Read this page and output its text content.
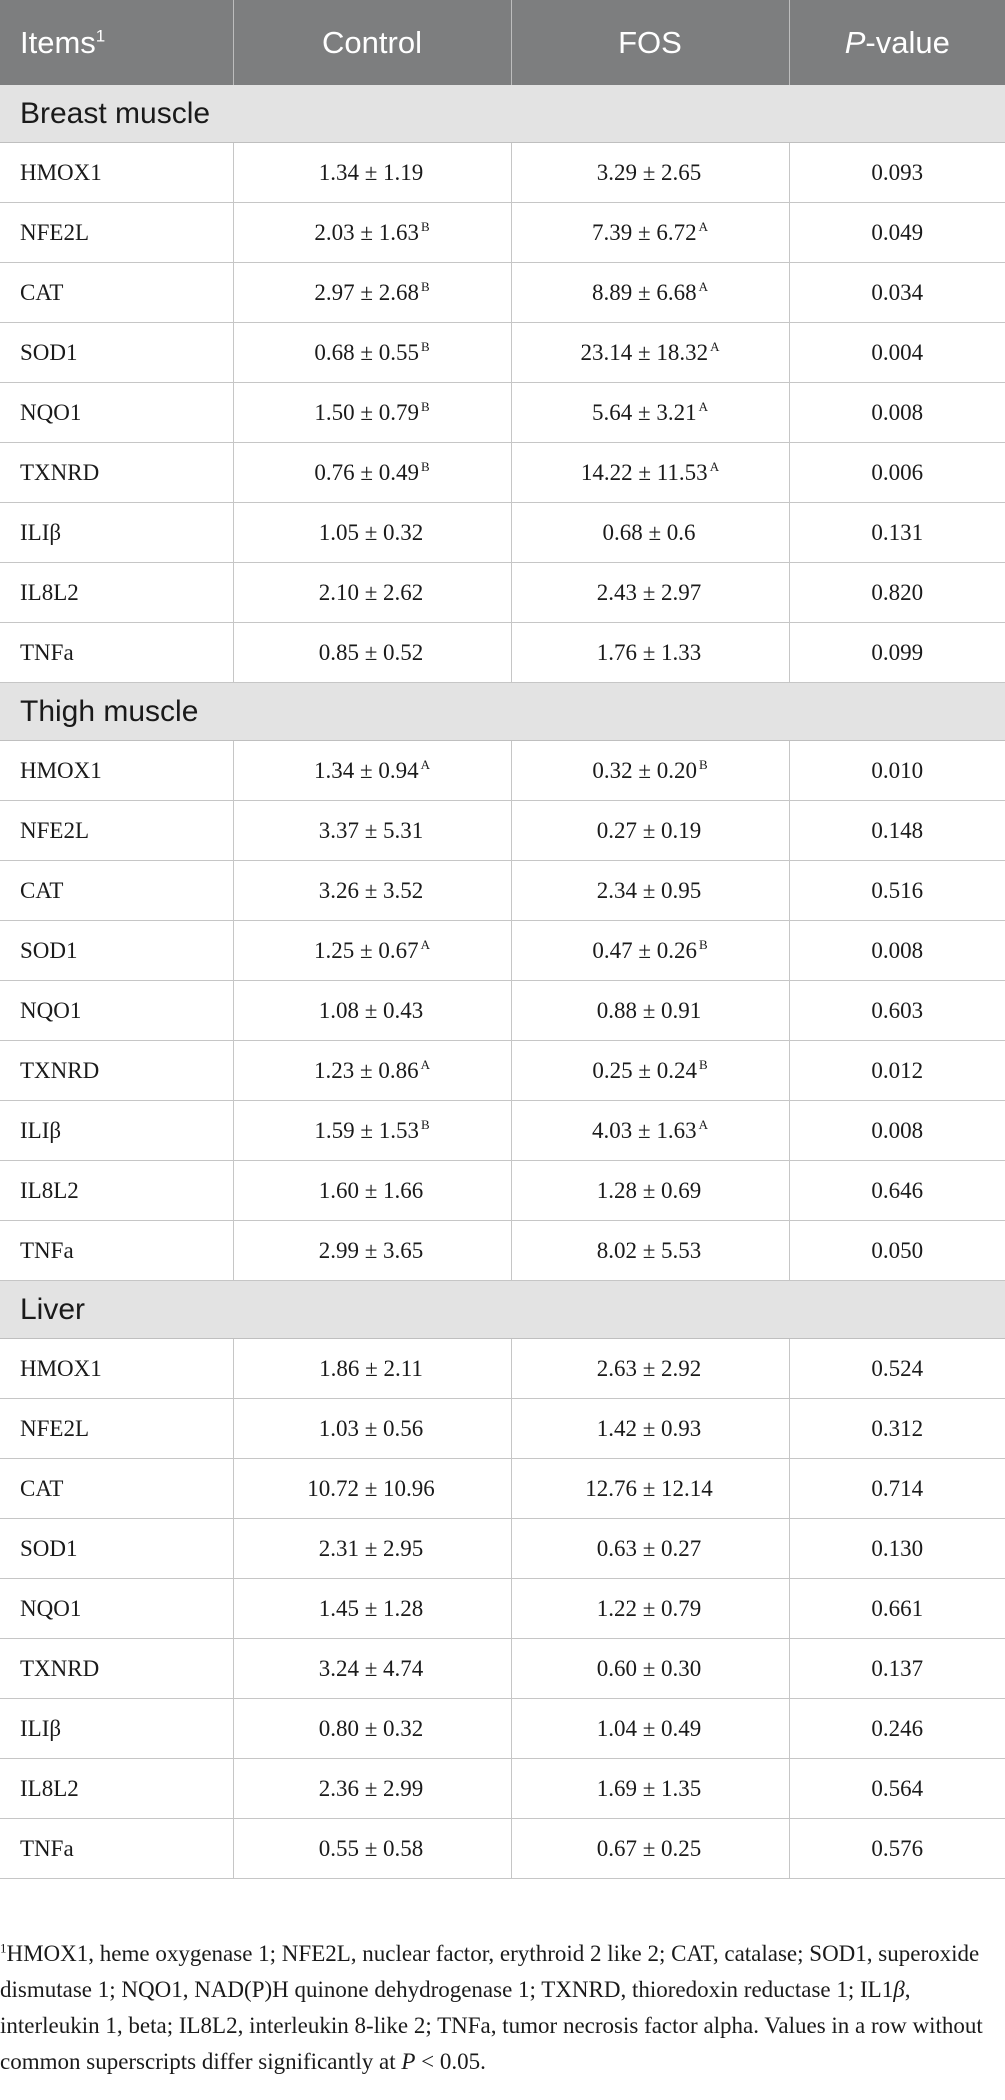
Items$^1$	Control	FOS	P-value
Breast muscle			
HMOX1	1.34 ± 1.19	3.29 ± 2.65	0.093
NFE2L	2.03 ± 1.63 $^B$	7.39 ± 6.72 $^A$	0.049
CAT	2.97 ± 2.68 $^B$	8.89 ± 6.68 $^A$	0.034
SOD1	0.68 ± 0.55 $^B$	23.14 ± 18.32 $^A$	0.004
NQO1	1.50 ± 0.79 $^B$	5.64 ± 3.21 $^A$	0.008
TXNRD	0.76 ± 0.49 $^B$	14.22 ± 11.53 $^A$	0.006
ILIβ	1.05 ± 0.32	0.68 ± 0.6	0.131
IL8L2	2.10 ± 2.62	2.43 ± 2.97	0.820
TNFa	0.85 ± 0.52	1.76 ± 1.33	0.099
Thigh muscle			
HMOX1	1.34 ± 0.94 $^A$	0.32 ± 0.20 $^B$	0.010
NFE2L	3.37 ± 5.31	0.27 ± 0.19	0.148
CAT	3.26 ± 3.52	2.34 ± 0.95	0.516
SOD1	1.25 ± 0.67 $^A$	0.47 ± 0.26 $^B$	0.008
NQO1	1.08 ± 0.43	0.88 ± 0.91	0.603
TXNRD	1.23 ± 0.86 $^A$	0.25 ± 0.24 $^B$	0.012
ILIβ	1.59 ± 1.53 $^B$	4.03 ± 1.63 $^A$	0.008
IL8L2	1.60 ± 1.66	1.28 ± 0.69	0.646
TNFa	2.99 ± 3.65	8.02 ± 5.53	0.050
Liver			
HMOX1	1.86 ± 2.11	2.63 ± 2.92	0.524
NFE2L	1.03 ± 0.56	1.42 ± 0.93	0.312
CAT	10.72 ± 10.96	12.76 ± 12.14	0.714
SOD1	2.31 ± 2.95	0.63 ± 0.27	0.130
NQO1	1.45 ± 1.28	1.22 ± 0.79	0.661
TXNRD	3.24 ± 4.74	0.60 ± 0.30	0.137
ILIβ	0.80 ± 0.32	1.04 ± 0.49	0.246
IL8L2	2.36 ± 2.99	1.69 ± 1.35	0.564
TNFa	0.55 ± 0.58	0.67 ± 0.25	0.576
$^1$HMOX1, heme oxygenase 1; NFE2L, nuclear factor, erythroid 2 like 2; CAT, catalase; SOD1, superoxide dismutase 1; NQO1, NAD(P)H quinone dehydrogenase 1; TXNRD, thioredoxin reductase 1; IL1β, interleukin 1, beta; IL8L2, interleukin 8-like 2; TNFa, tumor necrosis factor alpha. Values in a row without common superscripts differ significantly at P < 0.05.
